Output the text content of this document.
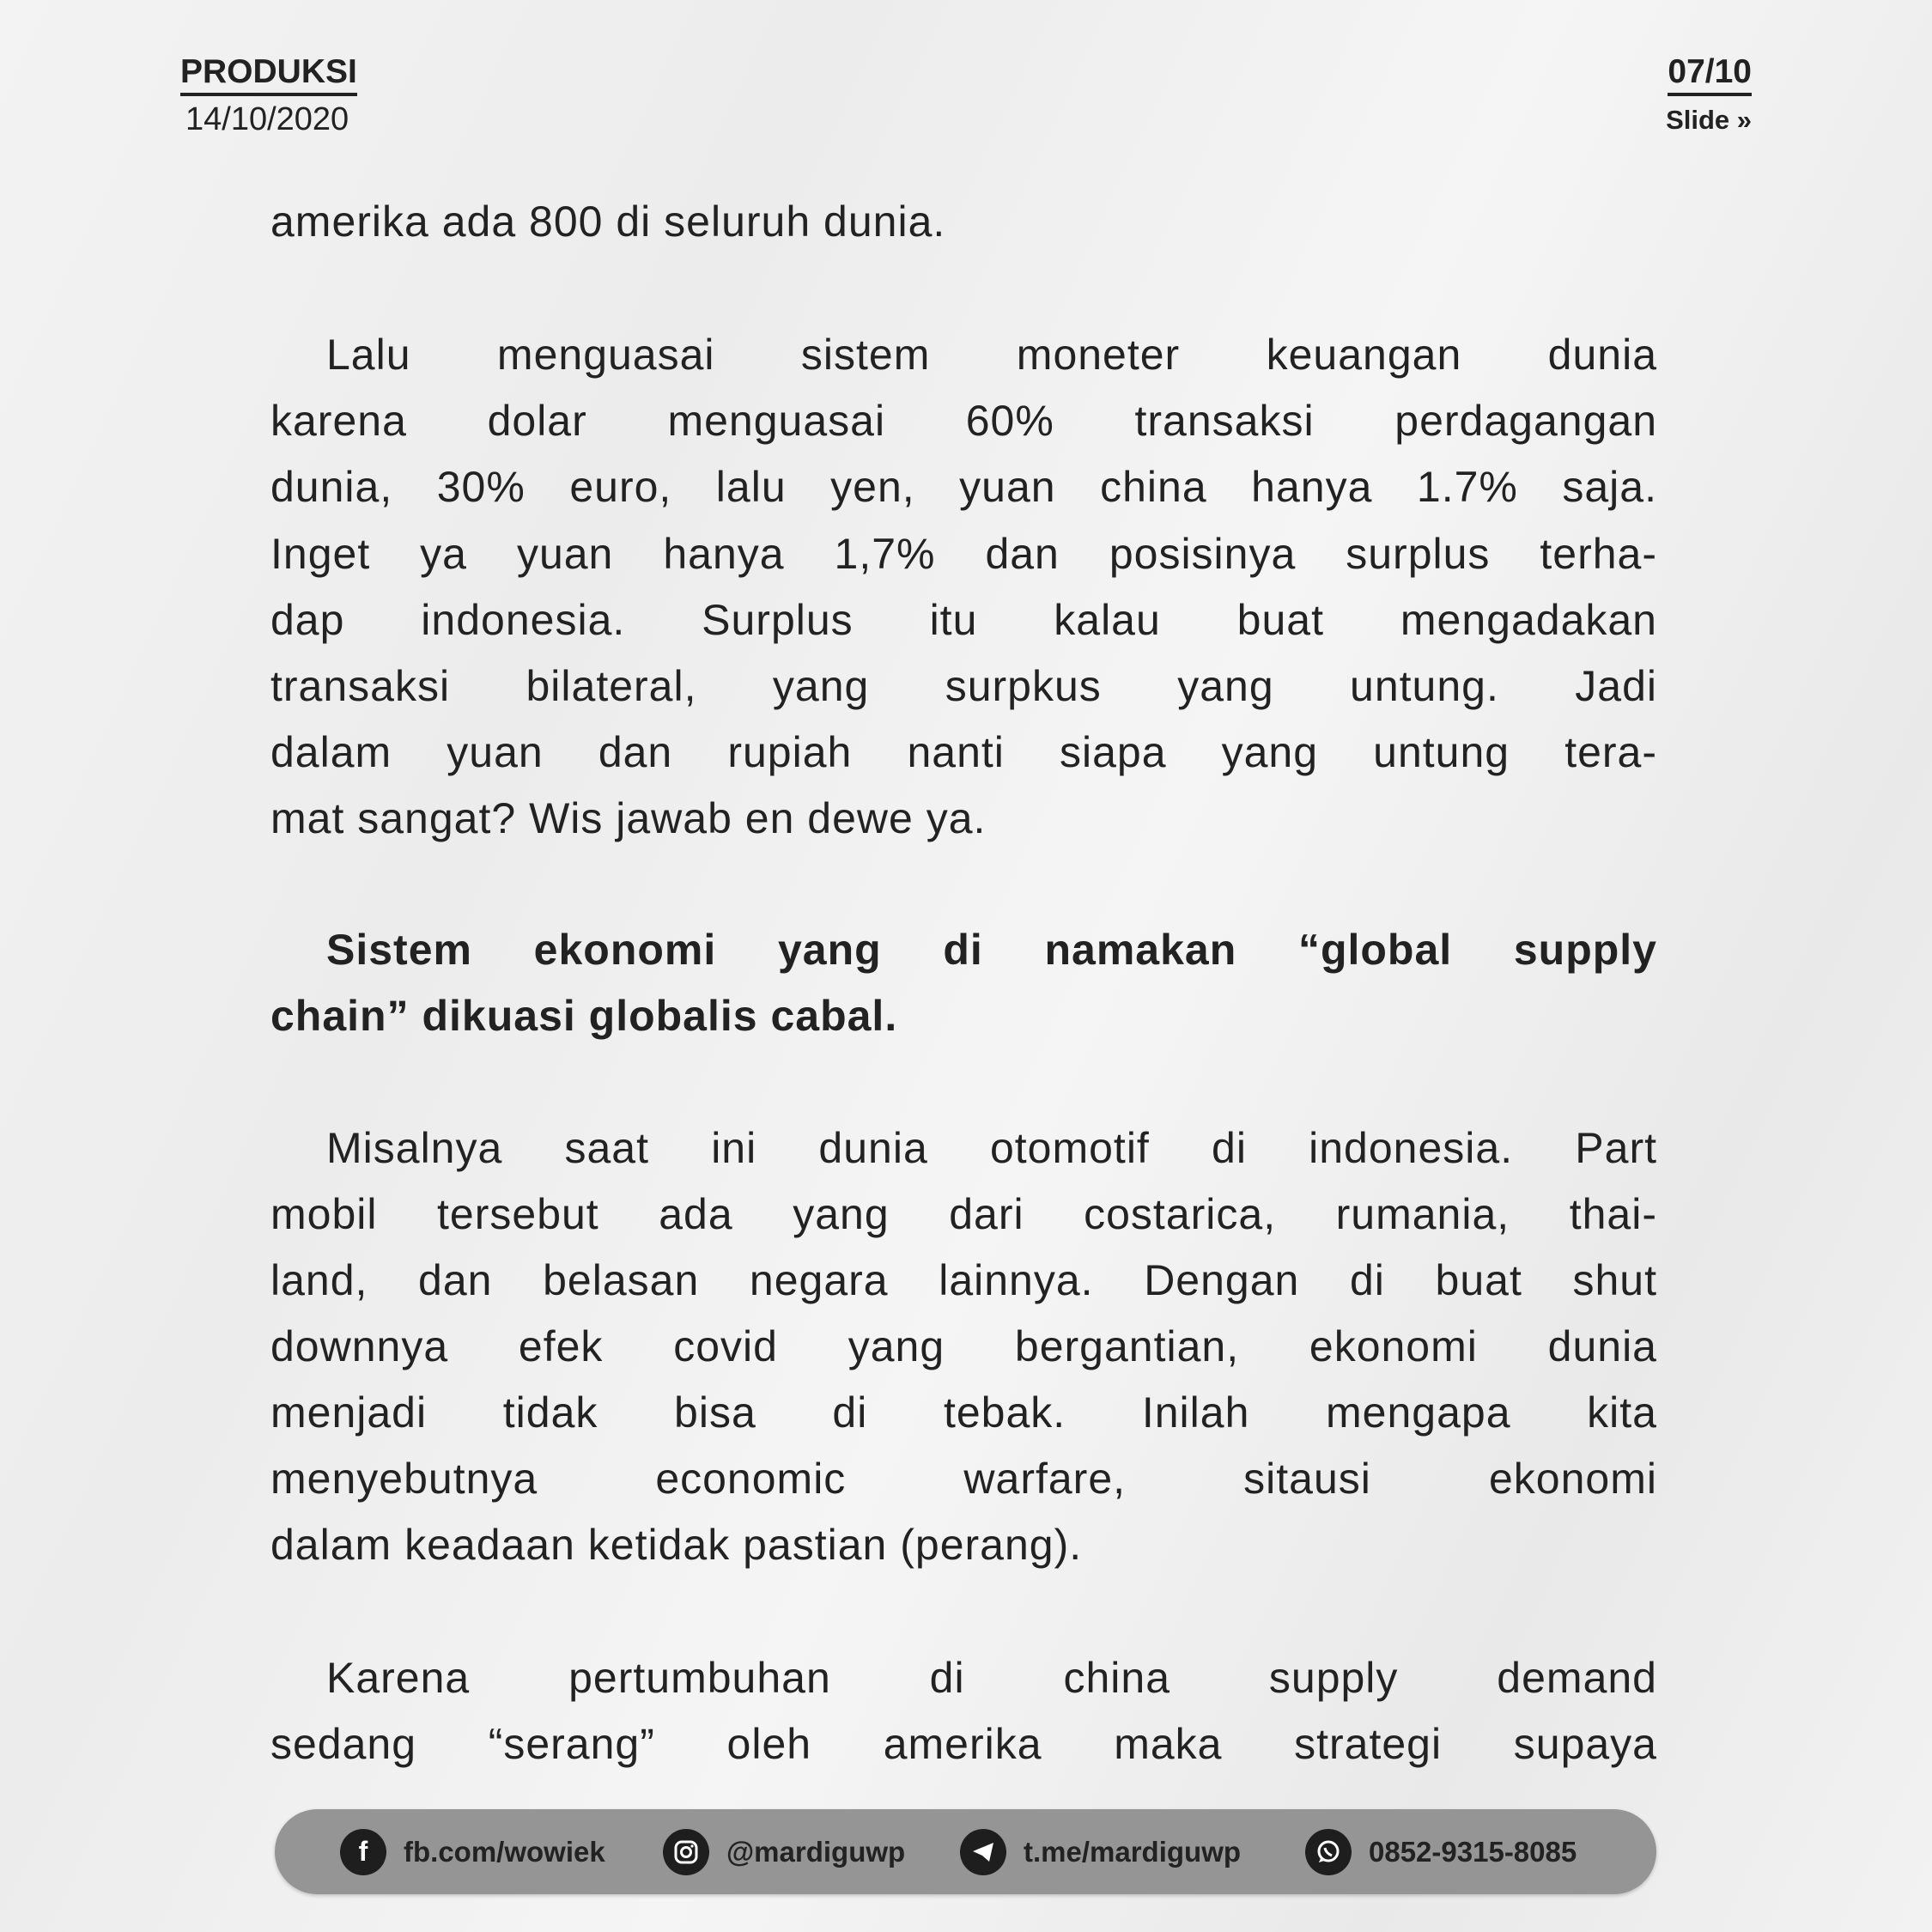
PRODUKSI
14/10/2020
07/10
Slide »
amerika ada 800 di seluruh dunia.
Lalu menguasai sistem moneter keuangan dunia
karena dolar menguasai 60% transaksi perdagangan
dunia, 30% euro, lalu yen, yuan china hanya 1.7% saja.
Inget ya yuan hanya 1,7% dan posisinya surplus terha-
dap indonesia. Surplus itu kalau buat mengadakan
transaksi bilateral, yang surpkus yang untung. Jadi
dalam yuan dan rupiah nanti siapa yang untung tera-
mat sangat? Wis jawab en dewe ya.
Sistem ekonomi yang di namakan “global supply
chain” dikuasi globalis cabal.
Misalnya saat ini dunia otomotif di indonesia. Part
mobil tersebut ada yang dari costarica, rumania, thai-
land, dan belasan negara lainnya. Dengan di buat shut
downnya efek covid yang bergantian, ekonomi dunia
menjadi tidak bisa di tebak. Inilah mengapa kita
menyebutnya economic warfare, sitausi ekonomi
dalam keadaan ketidak pastian (perang).
Karena pertumbuhan di china supply demand
sedang “serang” oleh amerika maka strategi supaya
f	fb.com/wowiek	@mardiguwp	t.me/mardiguwp	0852-9315-8085
